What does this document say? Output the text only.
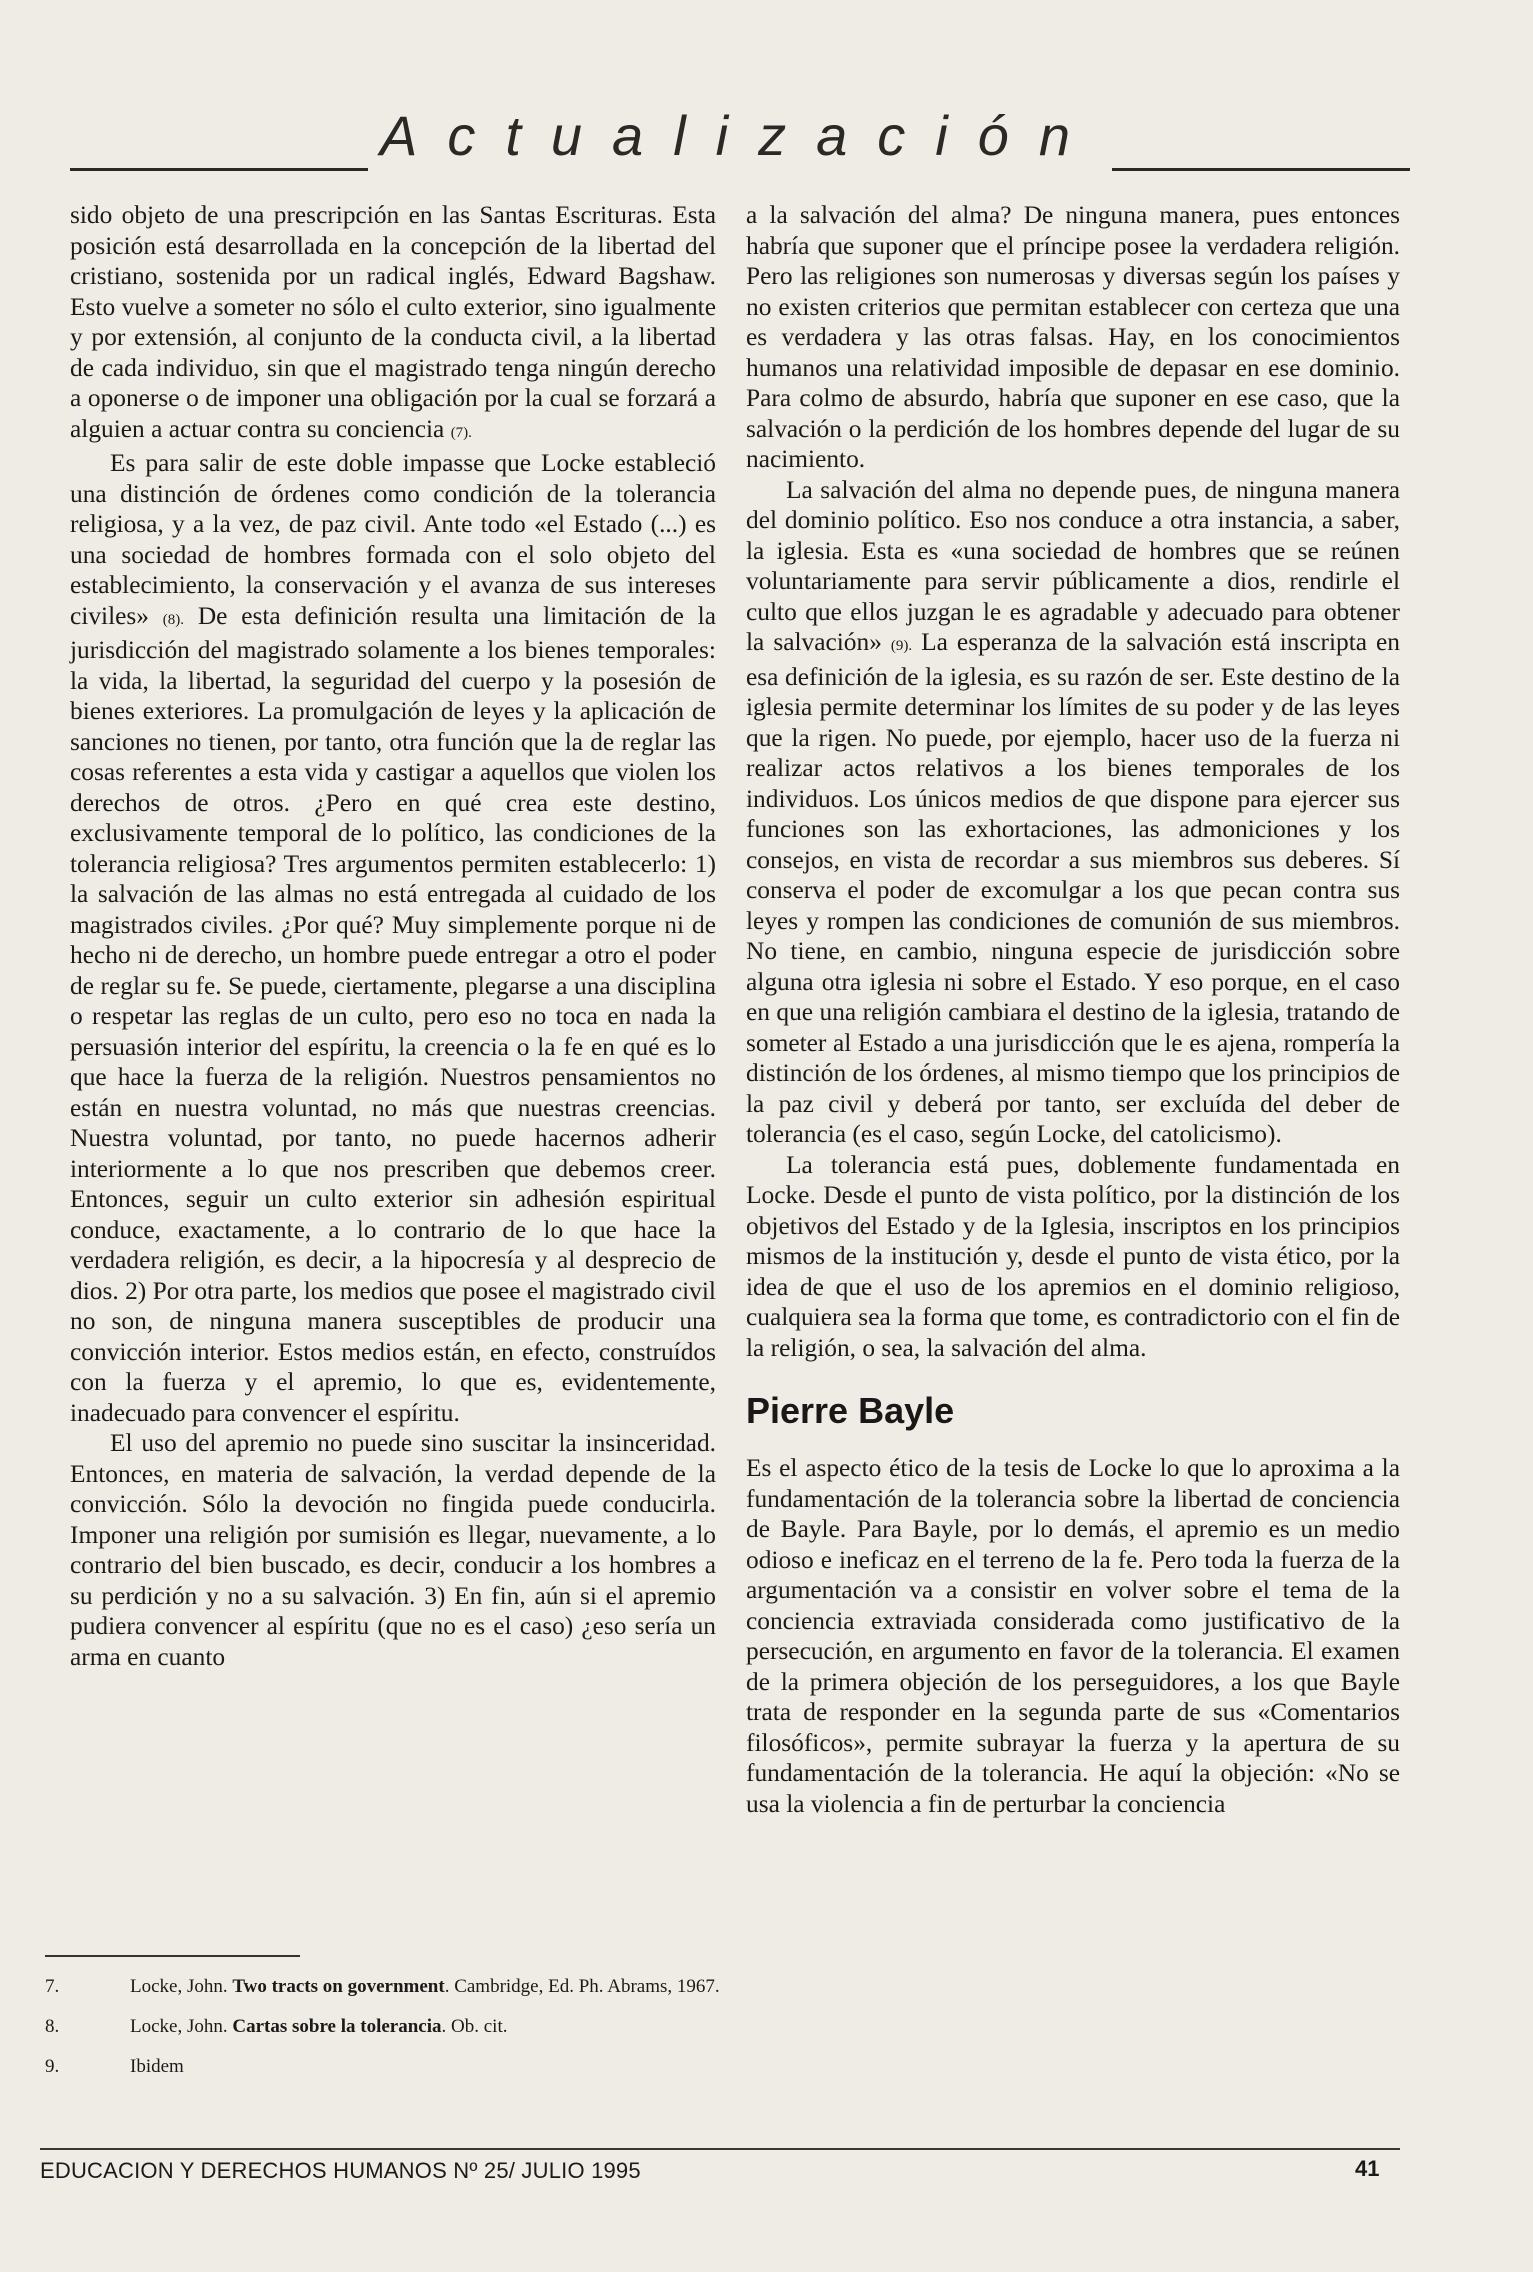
Actualización

sido objeto de una prescripción en las Santas Escrituras. Esta posición está desarrollada en la concepción de la libertad del cristiano, sostenida por un radical inglés, Edward Bagshaw. Esto vuelve a someter no sólo el culto exterior, sino igualmente y por extensión, al conjunto de la conducta civil, a la libertad de cada individuo, sin que el magistrado tenga ningún derecho a oponerse o de imponer una obligación por la cual se forzará a alguien a actuar contra su conciencia (7).

Es para salir de este doble impasse que Locke estableció una distinción de órdenes como condición de la tolerancia religiosa, y a la vez, de paz civil. Ante todo «el Estado (...) es una sociedad de hombres formada con el solo objeto del establecimiento, la conservación y el avanza de sus intereses civiles» (8). De esta definición resulta una limitación de la jurisdicción del magistrado solamente a los bienes temporales: la vida, la libertad, la seguridad del cuerpo y la posesión de bienes exteriores. La promulgación de leyes y la aplicación de sanciones no tienen, por tanto, otra función que la de reglar las cosas referentes a esta vida y castigar a aquellos que violen los derechos de otros. ¿Pero en qué crea este destino, exclusivamente temporal de lo político, las condiciones de la tolerancia religiosa? Tres argumentos permiten establecerlo: 1) la salvación de las almas no está entregada al cuidado de los magistrados civiles. ¿Por qué? Muy simplemente porque ni de hecho ni de derecho, un hombre puede entregar a otro el poder de reglar su fe. Se puede, ciertamente, plegarse a una disciplina o respetar las reglas de un culto, pero eso no toca en nada la persuasión interior del espíritu, la creencia o la fe en qué es lo que hace la fuerza de la religión. Nuestros pensamientos no están en nuestra voluntad, no más que nuestras creencias. Nuestra voluntad, por tanto, no puede hacernos adherir interiormente a lo que nos prescriben que debemos creer. Entonces, seguir un culto exterior sin adhesión espiritual conduce, exactamente, a lo contrario de lo que hace la verdadera religión, es decir, a la hipocresía y al desprecio de dios. 2) Por otra parte, los medios que posee el magistrado civil no son, de ninguna manera susceptibles de producir una convicción interior. Estos medios están, en efecto, construídos con la fuerza y el apremio, lo que es, evidentemente, inadecuado para convencer el espíritu.

El uso del apremio no puede sino suscitar la insinceridad. Entonces, en materia de salvación, la verdad depende de la convicción. Sólo la devoción no fingida puede conducirla. Imponer una religión por sumisión es llegar, nuevamente, a lo contrario del bien buscado, es decir, conducir a los hombres a su perdición y no a su salvación. 3) En fin, aún si el apremio pudiera convencer al espíritu (que no es el caso) ¿eso sería un arma en cuanto

a la salvación del alma? De ninguna manera, pues entonces habría que suponer que el príncipe posee la verdadera religión. Pero las religiones son numerosas y diversas según los países y no existen criterios que permitan establecer con certeza que una es verdadera y las otras falsas. Hay, en los conocimientos humanos una relatividad imposible de depasar en ese dominio. Para colmo de absurdo, habría que suponer en ese caso, que la salvación o la perdición de los hombres depende del lugar de su nacimiento.

La salvación del alma no depende pues, de ninguna manera del dominio político. Eso nos conduce a otra instancia, a saber, la iglesia. Esta es «una sociedad de hombres que se reúnen voluntariamente para servir públicamente a dios, rendirle el culto que ellos juzgan le es agradable y adecuado para obtener la salvación» (9). La esperanza de la salvación está inscripta en esa definición de la iglesia, es su razón de ser. Este destino de la iglesia permite determinar los límites de su poder y de las leyes que la rigen. No puede, por ejemplo, hacer uso de la fuerza ni realizar actos relativos a los bienes temporales de los individuos. Los únicos medios de que dispone para ejercer sus funciones son las exhortaciones, las admoniciones y los consejos, en vista de recordar a sus miembros sus deberes. Sí conserva el poder de excomulgar a los que pecan contra sus leyes y rompen las condiciones de comunión de sus miembros. No tiene, en cambio, ninguna especie de jurisdicción sobre alguna otra iglesia ni sobre el Estado. Y eso porque, en el caso en que una religión cambiara el destino de la iglesia, tratando de someter al Estado a una jurisdicción que le es ajena, rompería la distinción de los órdenes, al mismo tiempo que los principios de la paz civil y deberá por tanto, ser excluída del deber de tolerancia (es el caso, según Locke, del catolicismo).

La tolerancia está pues, doblemente fundamentada en Locke. Desde el punto de vista político, por la distinción de los objetivos del Estado y de la Iglesia, inscriptos en los principios mismos de la institución y, desde el punto de vista ético, por la idea de que el uso de los apremios en el dominio religioso, cualquiera sea la forma que tome, es contradictorio con el fin de la religión, o sea, la salvación del alma.

Pierre Bayle

Es el aspecto ético de la tesis de Locke lo que lo aproxima a la fundamentación de la tolerancia sobre la libertad de conciencia de Bayle. Para Bayle, por lo demás, el apremio es un medio odioso e ineficaz en el terreno de la fe. Pero toda la fuerza de la argumentación va a consistir en volver sobre el tema de la conciencia extraviada considerada como justificativo de la persecución, en argumento en favor de la tolerancia. El examen de la primera objeción de los perseguidores, a los que Bayle trata de responder en la segunda parte de sus «Comentarios filosóficos», permite subrayar la fuerza y la apertura de su fundamentación de la tolerancia. He aquí la objeción: «No se usa la violencia a fin de perturbar la conciencia

7.	Locke, John. Two tracts on government. Cambridge, Ed. Ph. Abrams, 1967.
8.	Locke, John. Cartas sobre la tolerancia. Ob. cit.
9.	Ibidem
EDUCACION Y DERECHOS HUMANOS Nº 25/ JULIO 1995	41
